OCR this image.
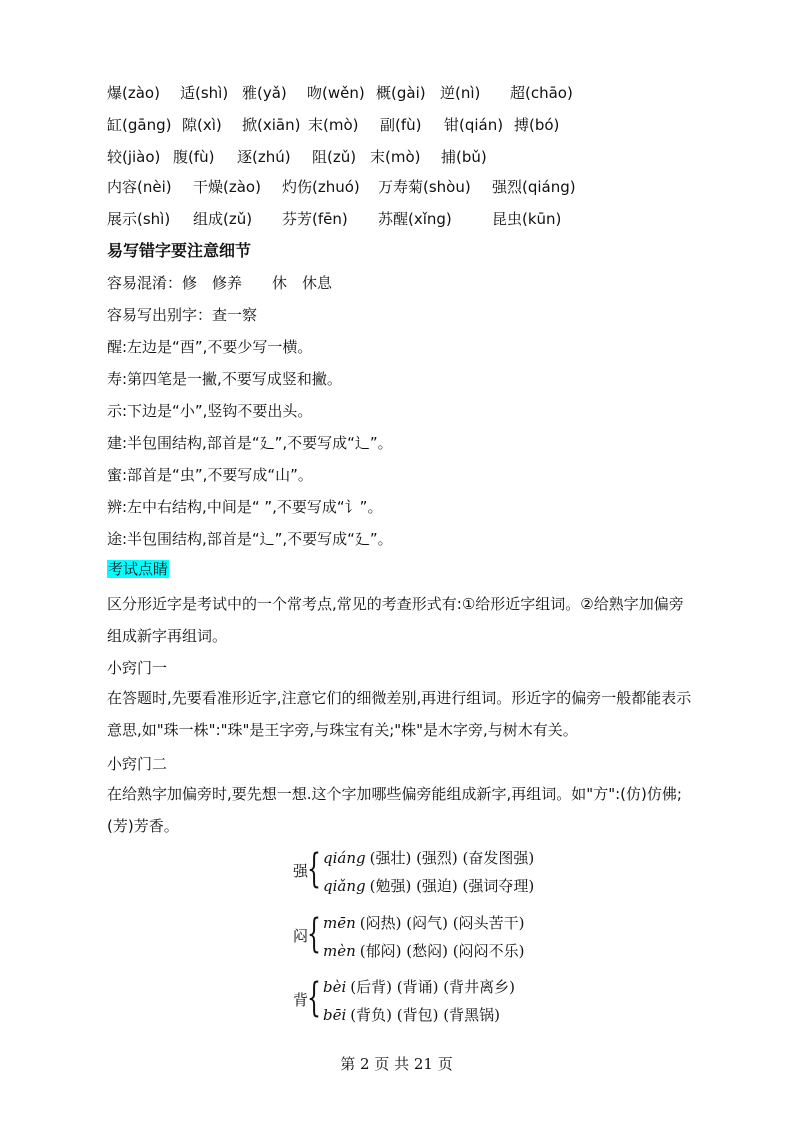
爆(zào) 适(shì) 雅(yǎ) 吻(wěn) 概(gài) 逆(nì) 超(chāo)
缸(gāng) 隙(xì) 掀(xiān) 末(mò) 副(fù) 钳(qián) 搏(bó)
较(jiào) 腹(fù) 逐(zhú) 阻(zǔ) 末(mò) 捕(bǔ)
内容(nèi) 干燥(zào) 灼伤(zhuó) 万寿菊(shòu) 强烈(qiáng)
展示(shì) 组成(zǔ) 芬芳(fēn) 苏醒(xǐng)	昆虫(kūn)
易写错字要注意细节
容易混淆：修　修养　　休　休息
容易写出别字：查一察
醒:左边是“酉”,不要少写一横。
寿:第四笔是一撇,不要写成竖和撇。
示:下边是“小”,竖钩不要出头。
建:半包围结构,部首是“廴”,不要写成“辶”。
蜜:部首是“虫”,不要写成“山”。
辨:左中右结构,中间是“ ”,不要写成“讠”。
途:半包围结构,部首是“辶”,不要写成“廴”。
考试点睛
区分形近字是考试中的一个常考点,常见的考查形式有:①给形近字组词。②给熟字加偏旁组成新字再组词。
小窍门一
在答题时,先要看准形近字,注意它们的细微差别,再进行组词。形近字的偏旁一般都能表示意思,如"珠一株":"珠"是王字旁,与珠宝有关;"株"是木字旁,与树木有关。
小窍门二
在给熟字加偏旁时,要先想一想.这个字加哪些偏旁能组成新字,再组词。如"方":(仿)仿佛;(芳)芳香。
强
{ qiáng (强壮) (强烈) (奋发图强)
qiǎng (勉强) (强迫) (强词夺理)
闷
{ mēn (闷热) (闷气) (闷头苦干)
mèn (郁闷) (愁闷) (闷闷不乐)
背
{ bèi (后背) (背诵) (背井离乡)
bēi (背负) (背包) (背黑锅)
第 2 页 共 21 页
